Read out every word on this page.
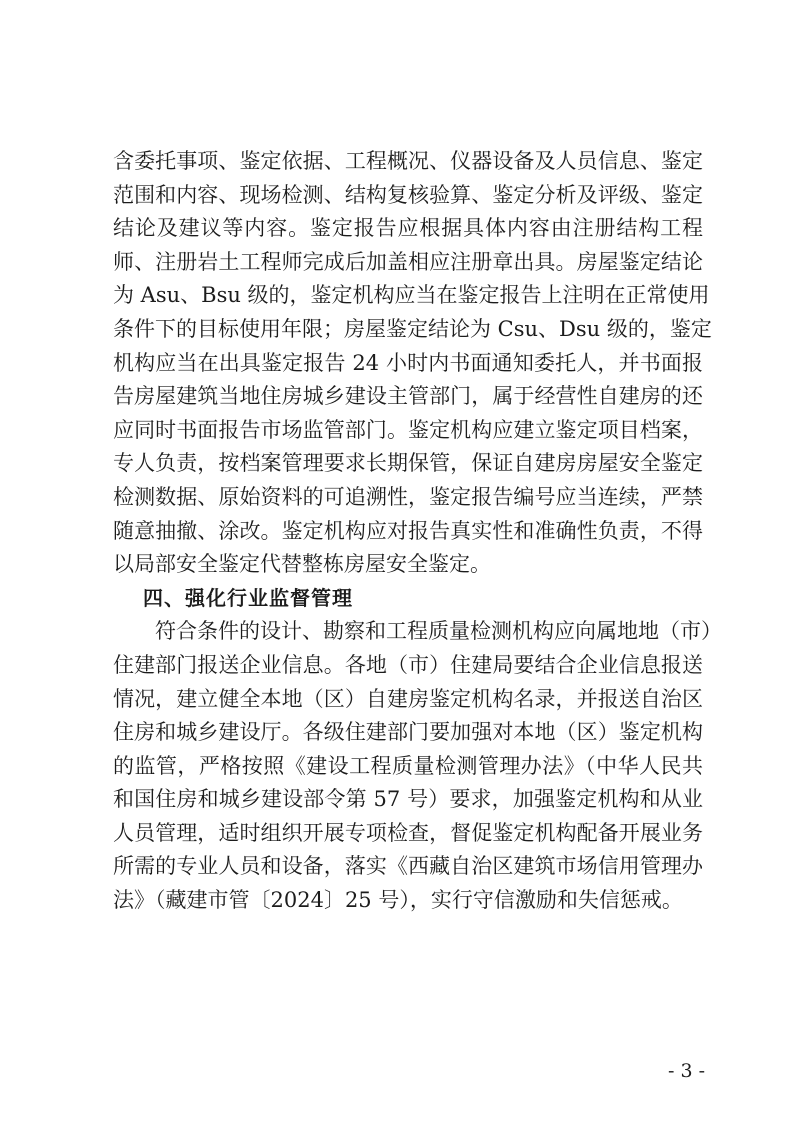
含委托事项、鉴定依据、工程概况、仪器设备及人员信息、鉴定
范围和内容、现场检测、结构复核验算、鉴定分析及评级、鉴定
结论及建议等内容。鉴定报告应根据具体内容由注册结构工程
师、注册岩土工程师完成后加盖相应注册章出具。房屋鉴定结论
为 Asu、Bsu 级的，鉴定机构应当在鉴定报告上注明在正常使用
条件下的目标使用年限；房屋鉴定结论为 Csu、Dsu 级的，鉴定
机构应当在出具鉴定报告 24 小时内书面通知委托人，并书面报
告房屋建筑当地住房城乡建设主管部门，属于经营性自建房的还
应同时书面报告市场监管部门。鉴定机构应建立鉴定项目档案，
专人负责，按档案管理要求长期保管，保证自建房房屋安全鉴定
检测数据、原始资料的可追溯性，鉴定报告编号应当连续，严禁
随意抽撤、涂改。鉴定机构应对报告真实性和准确性负责，不得
以局部安全鉴定代替整栋房屋安全鉴定。
四、强化行业监督管理
符合条件的设计、勘察和工程质量检测机构应向属地地（市）
住建部门报送企业信息。各地（市）住建局要结合企业信息报送
情况，建立健全本地（区）自建房鉴定机构名录，并报送自治区
住房和城乡建设厅。各级住建部门要加强对本地（区）鉴定机构
的监管，严格按照《建设工程质量检测管理办法》（中华人民共
和国住房和城乡建设部令第 57 号）要求，加强鉴定机构和从业
人员管理，适时组织开展专项检查，督促鉴定机构配备开展业务
所需的专业人员和设备，落实《西藏自治区建筑市场信用管理办
法》（藏建市管〔2024〕25 号），实行守信激励和失信惩戒。
- 3 -
